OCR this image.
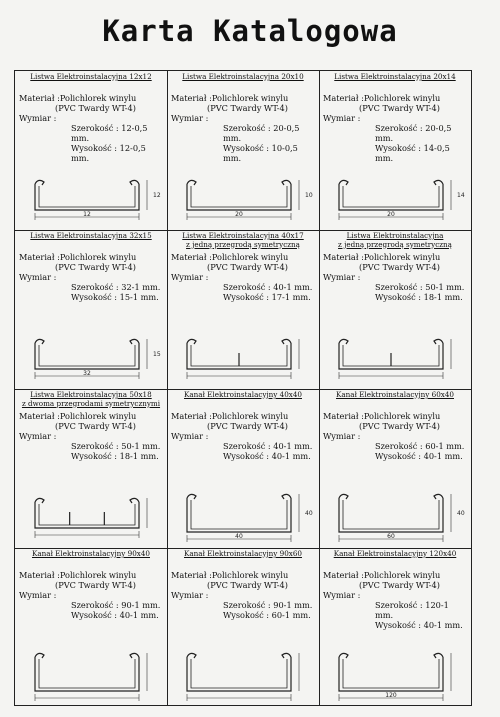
Karta Katalogowa
Listwa Elektroinstalacyjna 12x12
Materiał :Polichlorek winylu
(PVC Twardy WT-4)
Wymiar :
Szerokość : 12-0,5 mm.
Wysokość : 12-0,5 mm.
12
12
Listwa Elektroinstalacyjna 20x10
Materiał :Polichlorek winylu
(PVC Twardy WT-4)
Wymiar :
Szerokość : 20-0,5 mm.
Wysokość : 10-0,5 mm.
20
10
Listwa Elektroinstalacyjna 20x14
Materiał :Polichlorek winylu
(PVC Twardy WT-4)
Wymiar :
Szerokość : 20-0,5 mm.
Wysokość : 14-0,5 mm.
20
14
Listwa Elektroinstalacyjna 32x15
Materiał :Polichlorek winylu
(PVC Twardy WT-4)
Wymiar :
Szerokość : 32-1 mm.
Wysokość : 15-1 mm.
32
15
Listwa Elektroinstalacyjna 40x17
z jedną przegrodą symetryczną
Materiał :Polichlorek winylu
(PVC Twardy WT-4)
Wymiar :
Szerokość : 40-1 mm.
Wysokość : 17-1 mm.
Listwa Elektroinstalacyjna
z jedną przegrodą symetryczną
Materiał :Polichlorek winylu
(PVC Twardy WT-4)
Wymiar :
Szerokość : 50-1 mm.
Wysokość : 18-1 mm.
Listwa Elektroinstalacyjna 50x18
z dwoma przegrodami symetrycznymi
Materiał :Polichlorek winylu
(PVC Twardy WT-4)
Wymiar :
Szerokość : 50-1 mm.
Wysokość : 18-1 mm.
Kanał Elektroinstalacyjny 40x40
Materiał :Polichlorek winylu
(PVC Twardy WT-4)
Wymiar :
Szerokość : 40-1 mm.
Wysokość : 40-1 mm.
40
40
Kanał Elektroinstalacyjny 60x40
Materiał :Polichlorek winylu
(PVC Twardy WT-4)
Wymiar :
Szerokość : 60-1 mm.
Wysokość : 40-1 mm.
60
40
Kanał Elektroinstalacyjny 90x40
Materiał :Polichlorek winylu
(PVC Twardy WT-4)
Wymiar :
Szerokość : 90-1 mm.
Wysokość : 40-1 mm.
Kanał Elektroinstalacyjny 90x60
Materiał :Polichlorek winylu
(PVC Twardy WT-4)
Wymiar :
Szerokość : 90-1 mm.
Wysokość : 60-1 mm.
Kanał Elektroinstalacyjny 120x40
Materiał :Polichlorek winylu
(PVC Twardy WT-4)
Wymiar :
Szerokość : 120-1 mm.
Wysokość : 40-1 mm.
120
